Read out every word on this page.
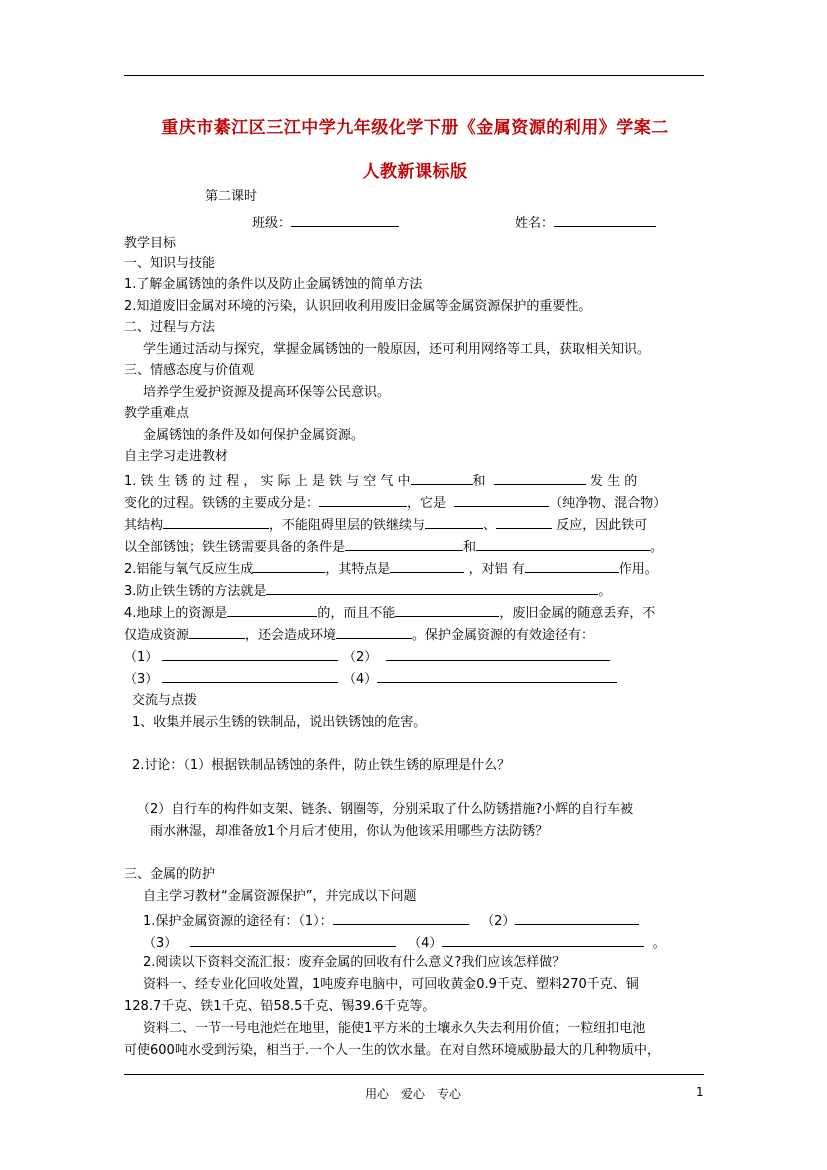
重庆市綦江区三江中学九年级化学下册《金属资源的利用》学案二
人教新课标版
第二课时
班级：	姓名：
教学目标
一、知识与技能
1.了解金属锈蚀的条件以及防止金属锈蚀的简单方法
2.知道废旧金属对环境的污染，认识回收利用废旧金属等金属资源保护的重要性。
二、过程与方法
学生通过活动与探究，掌握金属锈蚀的一般原因，还可利用网络等工具，获取相关知识。
三、情感态度与价值观
培养学生爱护资源及提高环保等公民意识。
教学重难点
金属锈蚀的条件及如何保护金属资源。
自主学习走进教材
1. 铁 生 锈 的 过 程 ， 实 际 上 是 铁 与 空 气 中	和	发 生 的
变化的过程。铁锈的主要成分是：	，它是	（纯净物、混合物）
其结构	，不能阻碍里层的铁继续与	、	反应，因此铁可
以全部锈蚀；铁生锈需要具备的条件是	和	。
2.铝能与氧气反应生成	，其特点是	，对铝 有	作用。
3.防止铁生锈的方法就是	。
4.地球上的资源是	的，而且不能	，废旧金属的随意丢弃，不
仅造成资源	，还会造成环境	。保护金属资源的有效途径有：
（1）	（2）
（3）	（4）
交流与点拨
1、收集并展示生锈的铁制品，说出铁锈蚀的危害。
2.讨论：（1）根据铁制品锈蚀的条件，防止铁生锈的原理是什么？
（2）自行车的构件如支架、链条、钢圈等，分别采取了什么防锈措施?小辉的自行车被
雨水淋湿，却准备放1个月后才使用，你认为他该采用哪些方法防锈？
三、金属的防护
自主学习教材“金属资源保护”，并完成以下问题
1.保护金属资源的途径有：（1）：	（2）
（3）	（4）	。
2.阅读以下资料交流汇报：废弃金属的回收有什么意义?我们应该怎样做？
资料一、经专业化回收处置，1吨废弃电脑中，可回收黄金0.9千克、塑料270千克、铜
128.7千克、铁1千克、铅58.5千克、锡39.6千克等。
资料二、一节一号电池烂在地里，能使1平方米的土壤永久失去利用价值；一粒纽扣电池
可使600吨水受到污染，相当于.一个人一生的饮水量。在对自然环境威胁最大的几种物质中，
用心　爱心　专心	1
